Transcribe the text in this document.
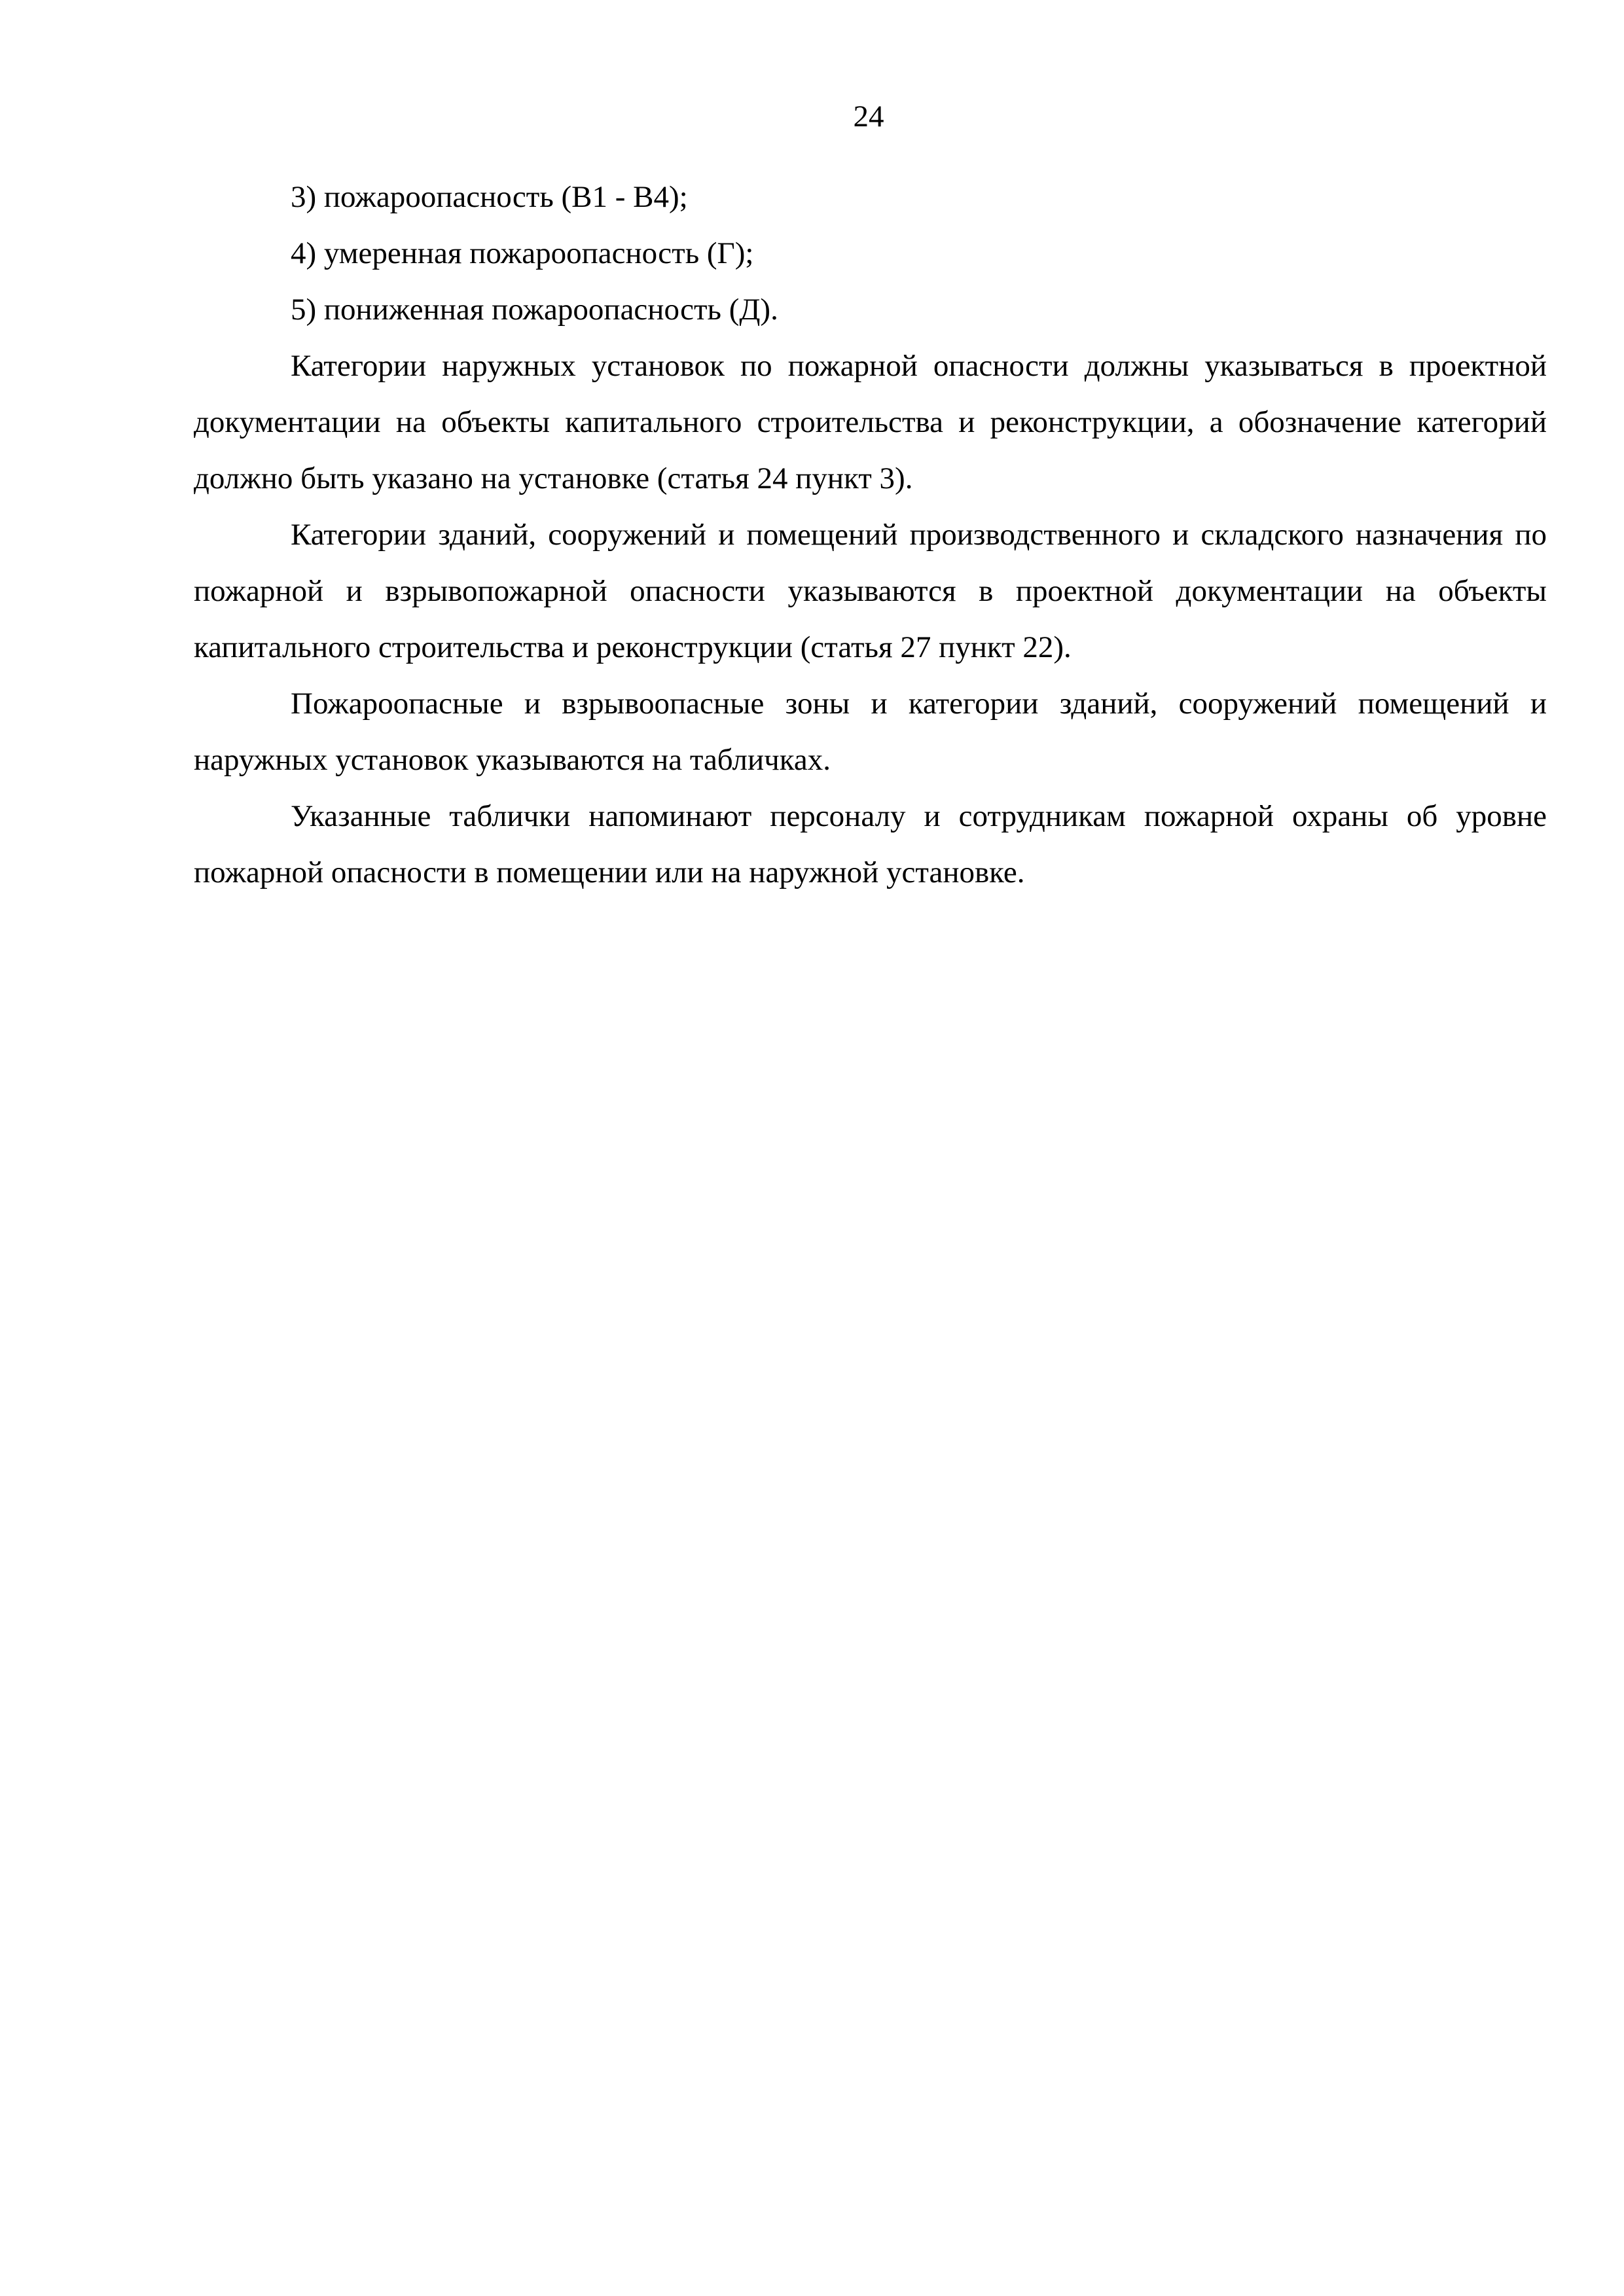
24

3) пожароопасность (В1 - В4);

4) умеренная пожароопасность (Г);

5) пониженная пожароопасность (Д).

Категории наружных установок по пожарной опасности должны указываться в проектной документации на объекты капитального строительства и реконструкции, а обозначение категорий должно быть указано на установке (статья 24 пункт 3).

Категории зданий, сооружений и помещений производственного и складского назначения по пожарной и взрывопожарной опасности указываются в проектной документации на объекты капитального строительства и реконструкции (статья 27 пункт 22).

Пожароопасные и взрывоопасные зоны и категории зданий, сооружений помещений и наружных установок указываются на табличках.

Указанные таблички напоминают персоналу и сотрудникам пожарной охраны об уровне пожарной опасности в помещении или на наружной установке.
